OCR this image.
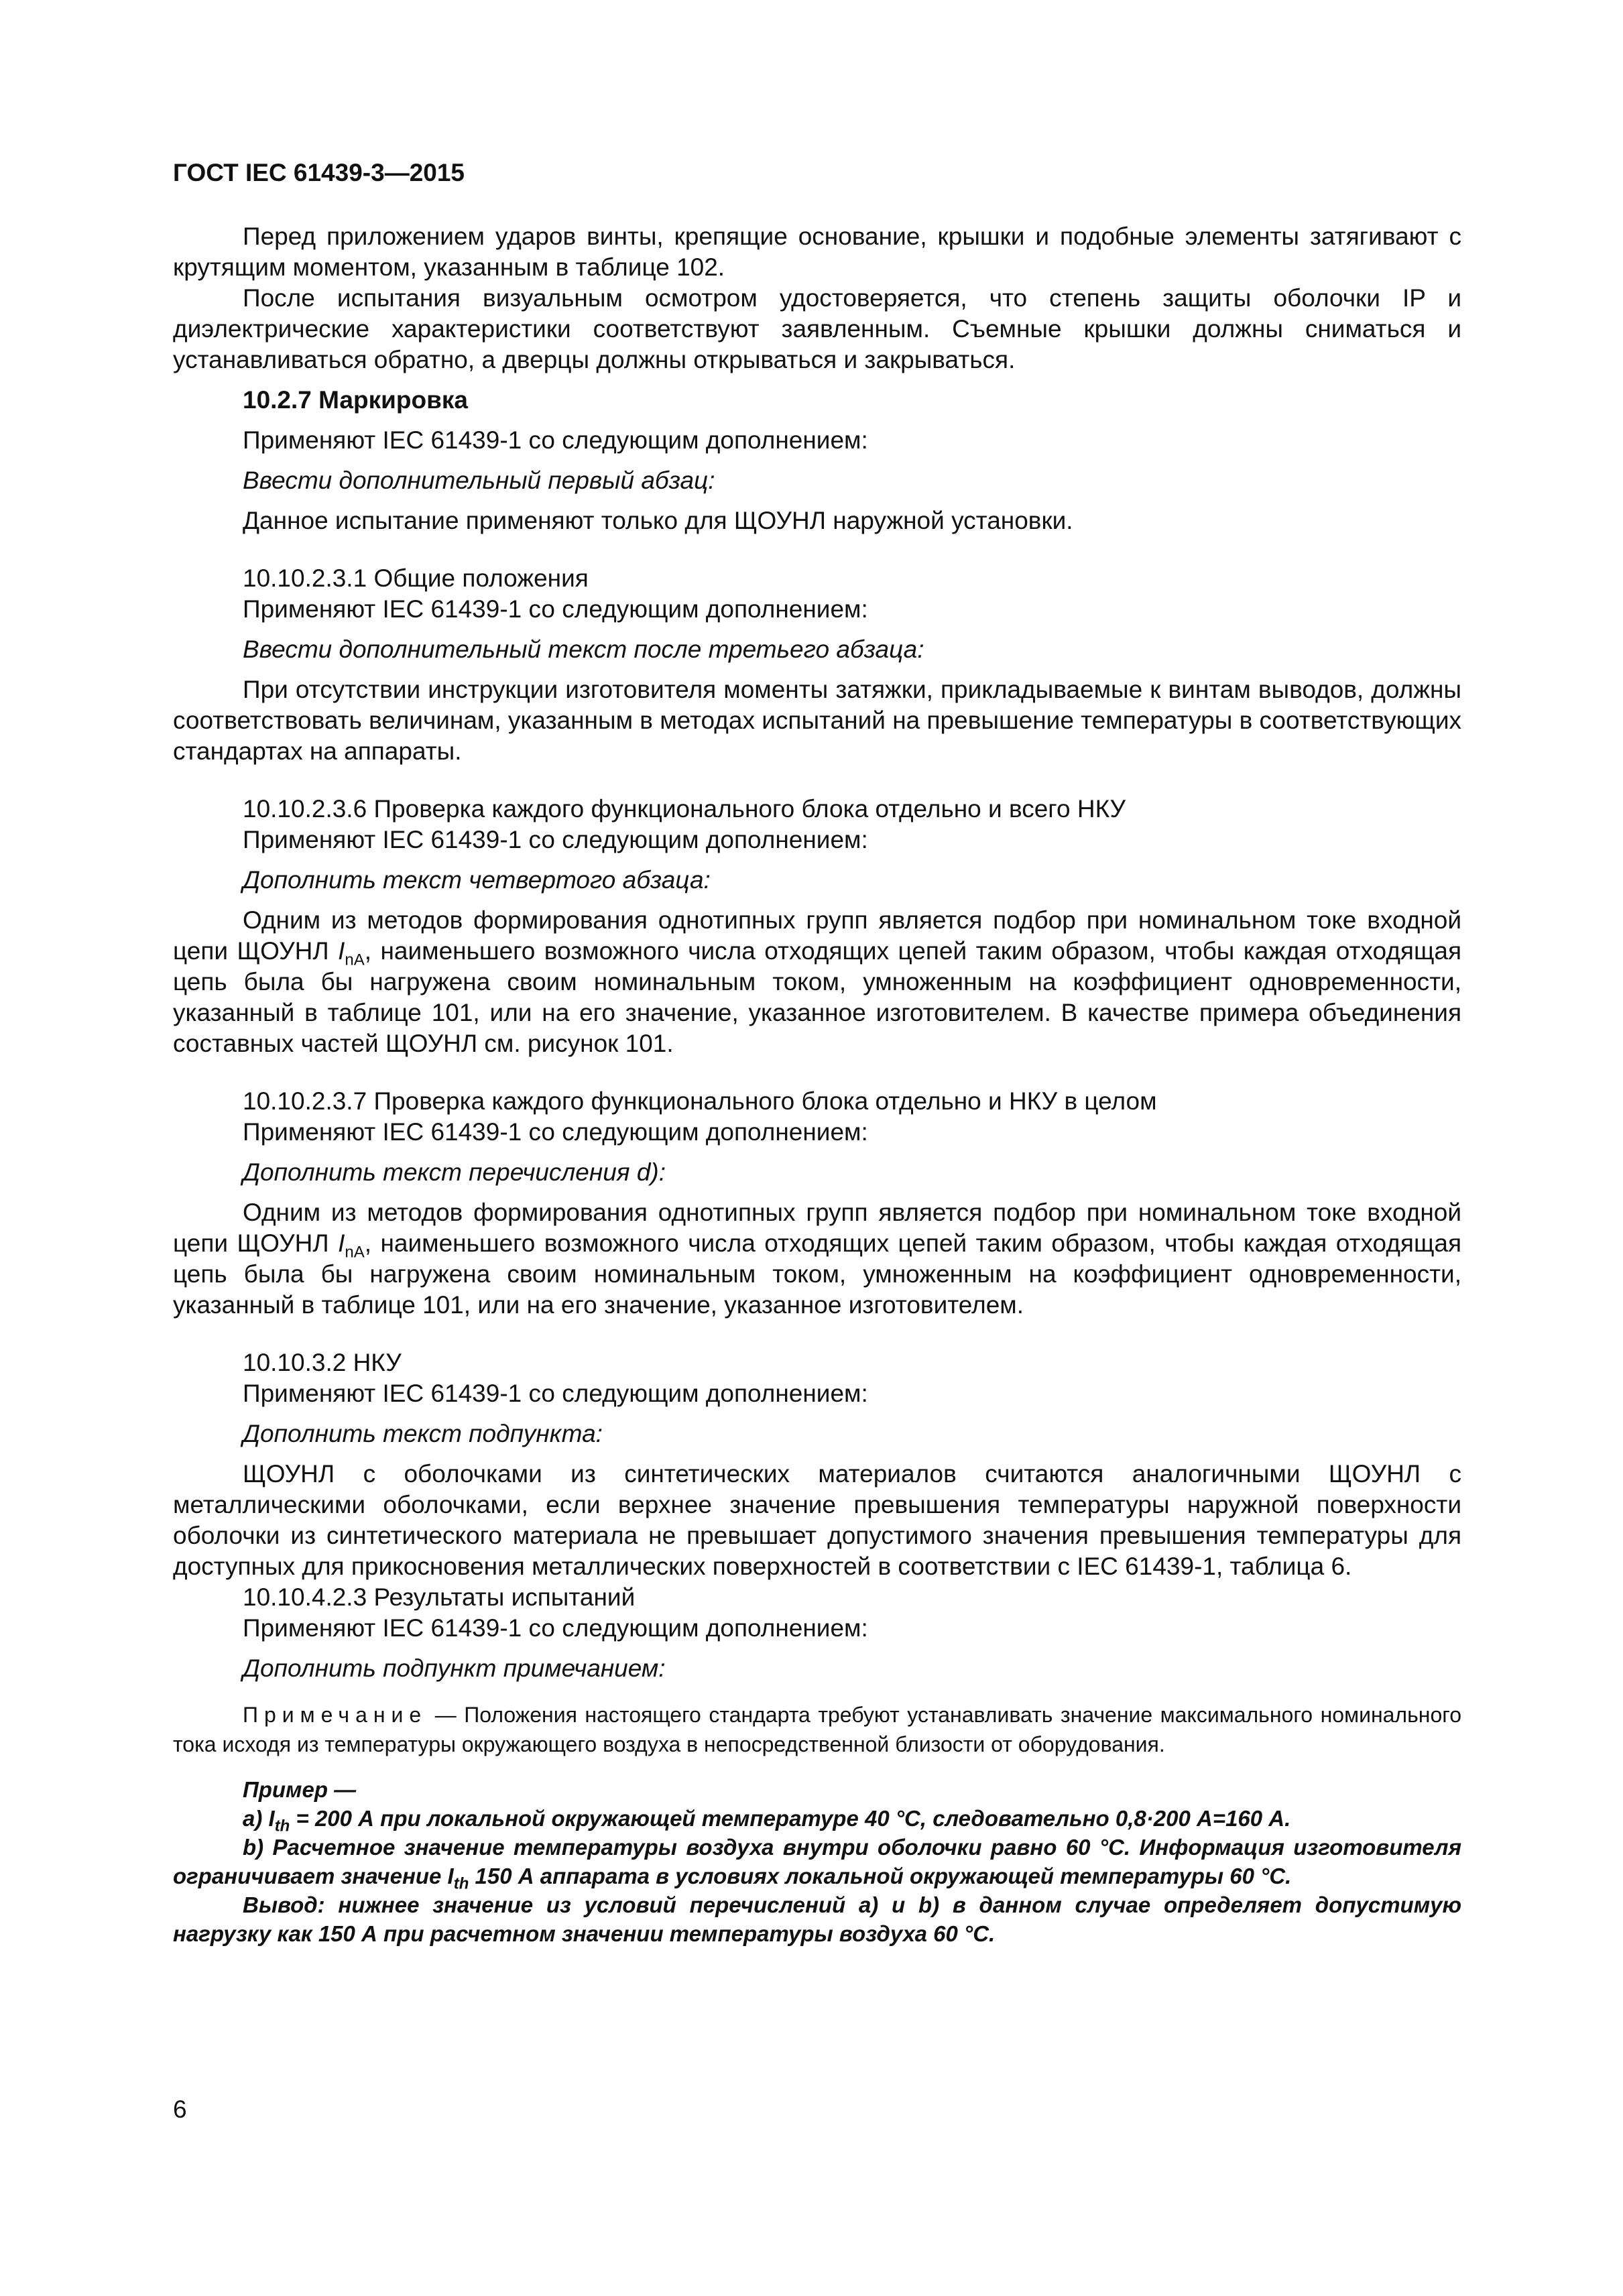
ГОСТ IEC 61439-3—2015

Перед приложением ударов винты, крепящие основание, крышки и подобные элементы затягивают с крутящим моментом, указанным в таблице 102.

После испытания визуальным осмотром удостоверяется, что степень защиты оболочки IP и диэлектрические характеристики соответствуют заявленным. Съемные крышки должны сниматься и устанавливаться обратно, а дверцы должны открываться и закрываться.

10.2.7 Маркировка

Применяют IEC 61439-1 со следующим дополнением:

Ввести дополнительный первый абзац:

Данное испытание применяют только для ЩОУНЛ наружной установки.

10.10.2.3.1 Общие положения

Применяют IEC 61439-1 со следующим дополнением:

Ввести дополнительный текст после третьего абзаца:

При отсутствии инструкции изготовителя моменты затяжки, прикладываемые к винтам выводов, должны соответствовать величинам, указанным в методах испытаний на превышение температуры в соответствующих стандартах на аппараты.

10.10.2.3.6 Проверка каждого функционального блока отдельно и всего НКУ

Применяют IEC 61439-1 со следующим дополнением:

Дополнить текст четвертого абзаца:

Одним из методов формирования однотипных групп является подбор при номинальном токе входной цепи ЩОУНЛ $I_{nA}$, наименьшего возможного числа отходящих цепей таким образом, чтобы каждая отходящая цепь была бы нагружена своим номинальным током, умноженным на коэффициент одновременности, указанный в таблице 101, или на его значение, указанное изготовителем. В качестве примера объединения составных частей ЩОУНЛ см. рисунок 101.

10.10.2.3.7 Проверка каждого функционального блока отдельно и НКУ в целом

Применяют IEC 61439-1 со следующим дополнением:

Дополнить текст перечисления d):

Одним из методов формирования однотипных групп является подбор при номинальном токе входной цепи ЩОУНЛ $I_{nA}$, наименьшего возможного числа отходящих цепей таким образом, чтобы каждая отходящая цепь была бы нагружена своим номинальным током, умноженным на коэффициент одновременности, указанный в таблице 101, или на его значение, указанное изготовителем.

10.10.3.2 НКУ

Применяют IEC 61439-1 со следующим дополнением:

Дополнить текст подпункта:

ЩОУНЛ с оболочками из синтетических материалов считаются аналогичными ЩОУНЛ с металлическими оболочками, если верхнее значение превышения температуры наружной поверхности оболочки из синтетического материала не превышает допустимого значения превышения температуры для доступных для прикосновения металлических поверхностей в соответствии с IEC 61439-1, таблица 6.

10.10.4.2.3 Результаты испытаний

Применяют IEC 61439-1 со следующим дополнением:

Дополнить подпункт примечанием:

Примечание — Положения настоящего стандарта требуют устанавливать значение максимального номинального тока исходя из температуры окружающего воздуха в непосредственной близости от оборудования.

Пример —

a) $I_{th} = 200$ А при локальной окружающей температуре 40 °С, следовательно 0,8·200 А=160 А.

b) Расчетное значение температуры воздуха внутри оболочки равно 60 °С. Информация изготовителя ограничивает значение $I_{th}$ 150 А аппарата в условиях локальной окружающей температуры 60 °С.

Вывод: нижнее значение из условий перечислений a) и b) в данном случае определяет допустимую нагрузку как 150 А при расчетном значении температуры воздуха 60 °С.

6
